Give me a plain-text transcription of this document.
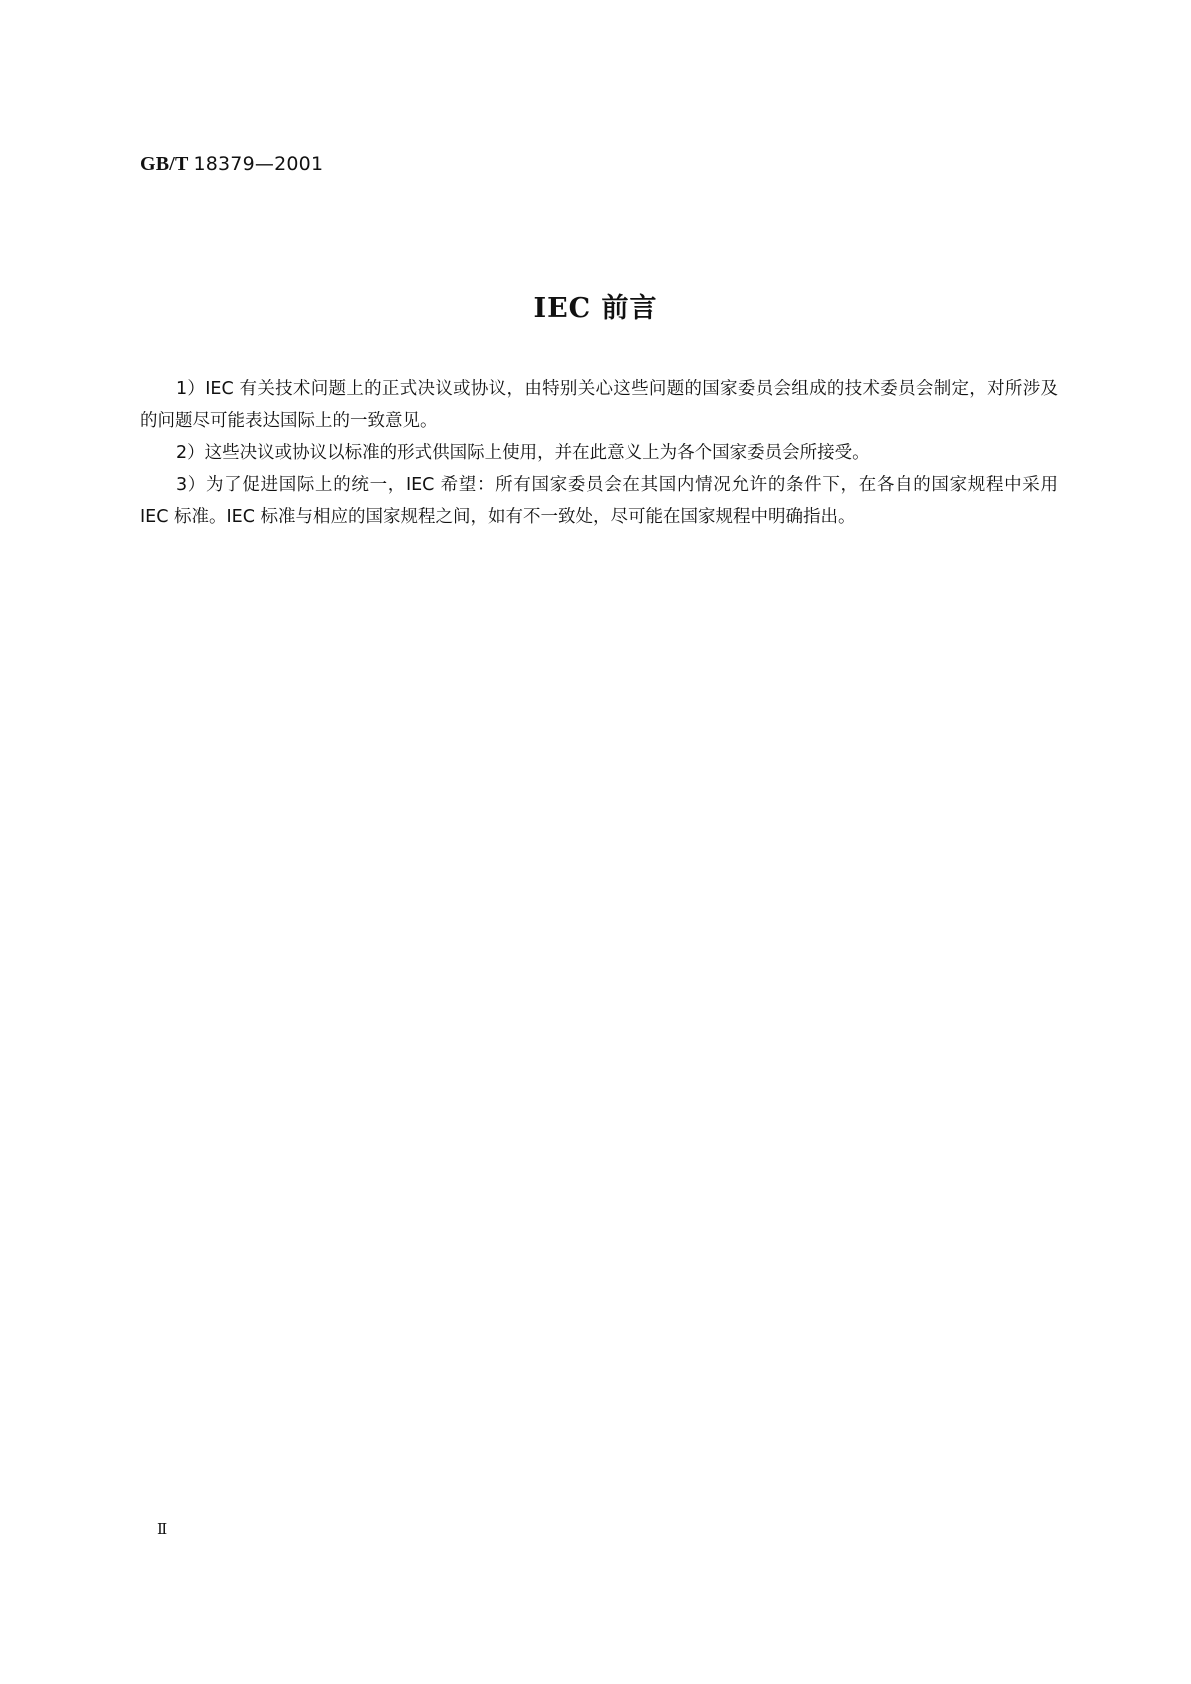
GB/T 18379—2001
IEC 前言

1）IEC 有关技术问题上的正式决议或协议，由特别关心这些问题的国家委员会组成的技术委员会制定，对所涉及的问题尽可能表达国际上的一致意见。

2）这些决议或协议以标准的形式供国际上使用，并在此意义上为各个国家委员会所接受。

3）为了促进国际上的统一，IEC 希望：所有国家委员会在其国内情况允许的条件下，在各自的国家规程中采用 IEC 标准。IEC 标准与相应的国家规程之间，如有不一致处，尽可能在国家规程中明确指出。

Ⅱ
